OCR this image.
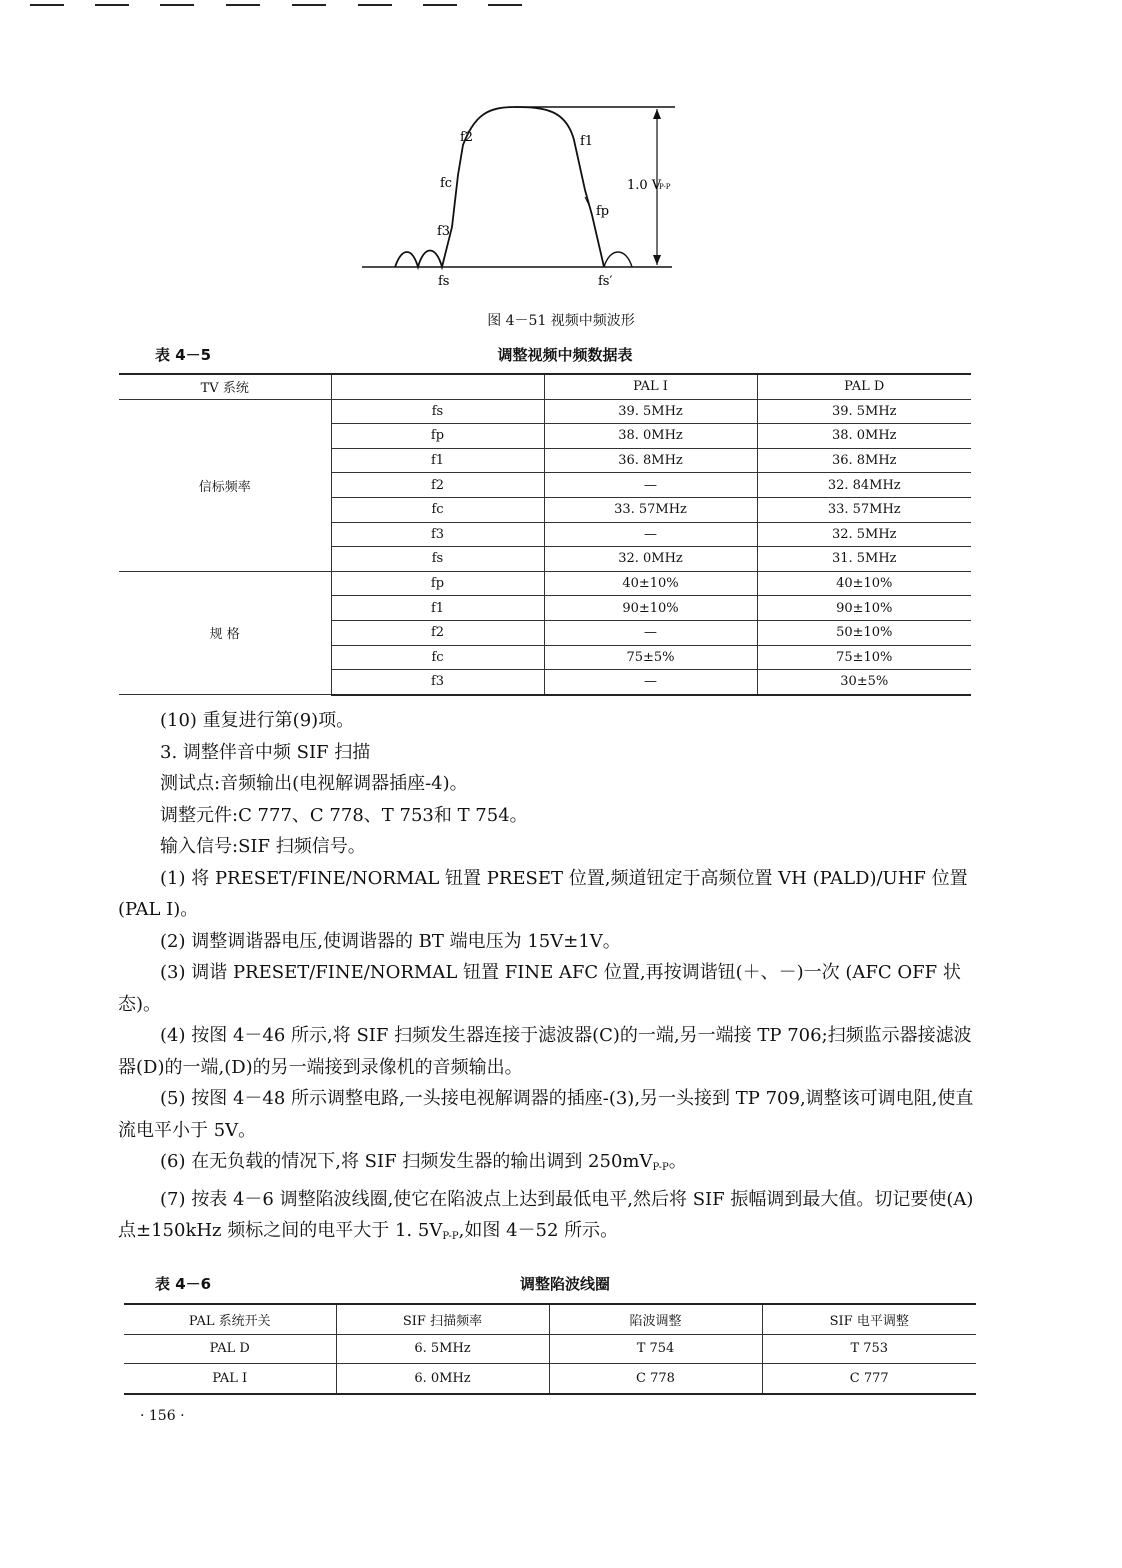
f2	f1
fc
fp
f3
fs	fs′
1.0 V
P-P
图 4－51 视频中频波形
表 4－5	调整视频中频数据表
TV 系统		PAL I	PAL D
信标频率	fs	39. 5MHz	39. 5MHz
	fp	38. 0MHz	38. 0MHz
	f1	36. 8MHz	36. 8MHz
	f2	—	32. 84MHz
	fc	33. 57MHz	33. 57MHz
	f3	—	32. 5MHz
	fs	32. 0MHz	31. 5MHz
规 格	fp	40±10%	40±10%
	f1	90±10%	90±10%
	f2	—	50±10%
	fc	75±5%	75±10%
	f3	—	30±5%

(10) 重复进行第(9)项。

3. 调整伴音中频 SIF 扫描

测试点:音频输出(电视解调器插座-4)。

调整元件:C 777、C 778、T 753和 T 754。

输入信号:SIF 扫频信号。

(1) 将 PRESET/FINE/NORMAL 钮置 PRESET 位置,频道钮定于高频位置 VH (PALD)/UHF 位置(PAL I)。

(2) 调整调谐器电压,使调谐器的 BT 端电压为 15V±1V。

(3) 调谐 PRESET/FINE/NORMAL 钮置 FINE AFC 位置,再按调谐钮(＋、－)一次 (AFC OFF 状态)。

(4) 按图 4－46 所示,将 SIF 扫频发生器连接于滤波器(C)的一端,另一端接 TP 706;扫频监示器接滤波器(D)的一端,(D)的另一端接到录像机的音频输出。

(5) 按图 4－48 所示调整电路,一头接电视解调器的插座-(3),另一头接到 TP 709,调整该可调电阻,使直流电平小于 5V。

(6) 在无负载的情况下,将 SIF 扫频发生器的输出调到 $250mV_{P-P}$。

(7) 按表 4－6 调整陷波线圈,使它在陷波点上达到最低电平,然后将 SIF 振幅调到最大值。切记要使(A)点±150kHz 频标之间的电平大于 1. $5V_{P-P}$,如图 4－52 所示。

表 4－6	调整陷波线圈
PAL 系统开关	SIF 扫描频率	陷波调整	SIF 电平调整
PAL D	6. 5MHz	T 754	T 753
PAL I	6. 0MHz	C 778	C 777
· 156 ·
